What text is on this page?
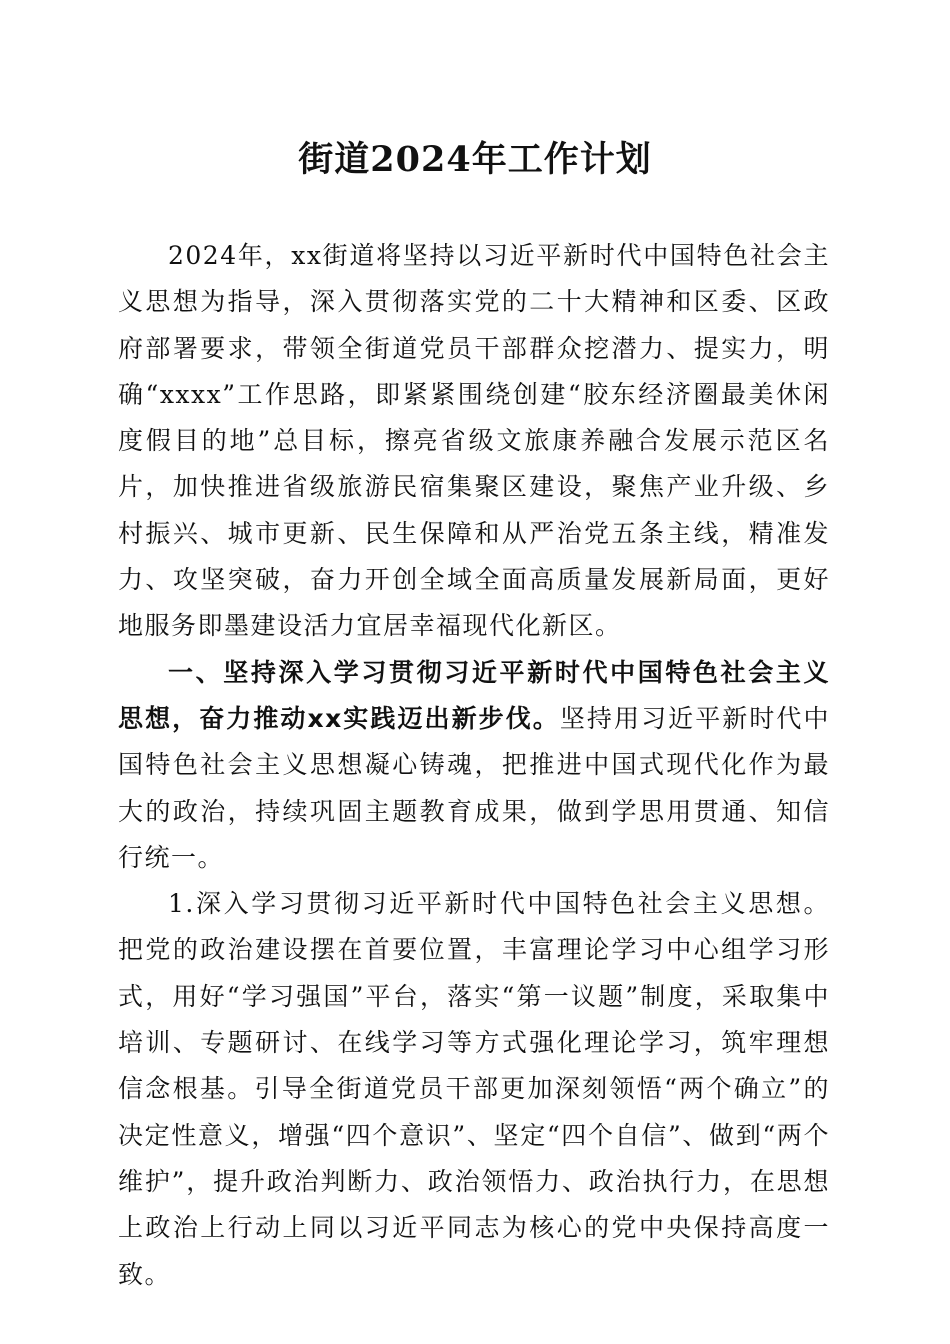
街道2024年工作计划

2024年，xx街道将坚持以习近平新时代中国特色社会主义思想为指导，深入贯彻落实党的二十大精神和区委、区政府部署要求，带领全街道党员干部群众挖潜力、提实力，明确“xxxx”工作思路，即紧紧围绕创建“胶东经济圈最美休闲度假目的地”总目标，擦亮省级文旅康养融合发展示范区名片，加快推进省级旅游民宿集聚区建设，聚焦产业升级、乡村振兴、城市更新、民生保障和从严治党五条主线，精准发力、攻坚突破，奋力开创全域全面高质量发展新局面，更好地服务即墨建设活力宜居幸福现代化新区。

一、坚持深入学习贯彻习近平新时代中国特色社会主义思想，奋力推动xx实践迈出新步伐。坚持用习近平新时代中国特色社会主义思想凝心铸魂，把推进中国式现代化作为最大的政治，持续巩固主题教育成果，做到学思用贯通、知信行统一。

1.深入学习贯彻习近平新时代中国特色社会主义思想。把党的政治建设摆在首要位置，丰富理论学习中心组学习形式，用好“学习强国”平台，落实“第一议题”制度，采取集中培训、专题研讨、在线学习等方式强化理论学习，筑牢理想信念根基。引导全街道党员干部更加深刻领悟“两个确立”的决定性意义，增强“四个意识”、坚定“四个自信”、做到“两个维护”，提升政治判断力、政治领悟力、政治执行力，在思想上政治上行动上同以习近平同志为核心的党中央保持高度一致。
